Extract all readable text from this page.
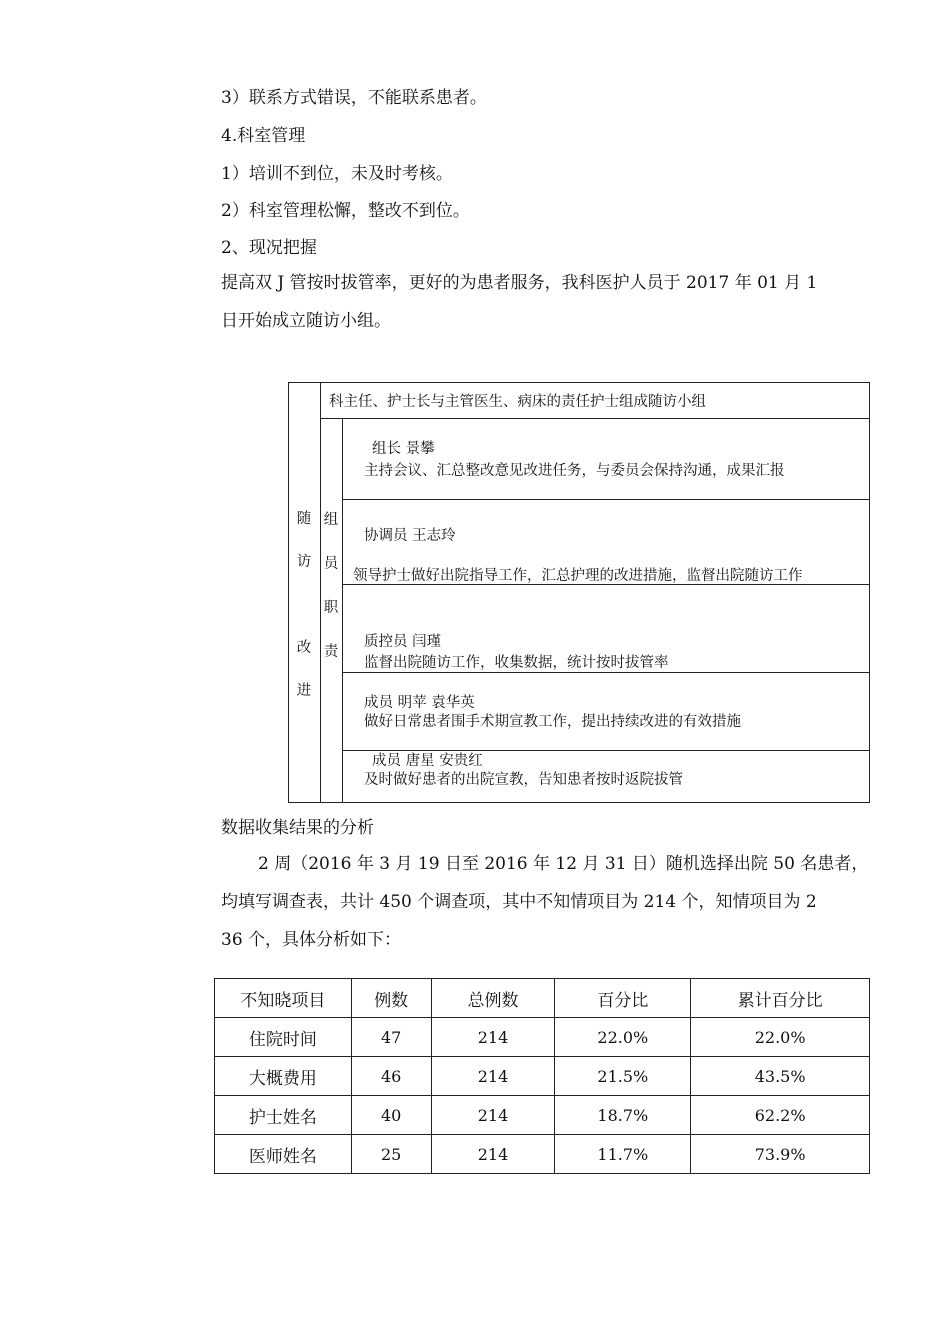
3）联系方式错误，不能联系患者。
4.科室管理
1）培训不到位，未及时考核。
2）科室管理松懈，整改不到位。
2、现况把握
提高双 J 管按时拔管率，更好的为患者服务，我科医护人员于 2017 年 01 月 1
日开始成立随访小组。
随
访

改
进
组
员
职
责
科主任、护士长与主管医生、病床的责任护士组成随访小组
组长 景攀
主持会议、汇总整改意见改进任务，与委员会保持沟通，成果汇报
协调员 王志玲
领导护士做好出院指导工作，汇总护理的改进措施，监督出院随访工作
质控员 闫瑾
监督出院随访工作，收集数据，统计按时拔管率
成员 明苹 袁华英
做好日常患者围手术期宣教工作，提出持续改进的有效措施
成员 唐星 安贵红
及时做好患者的出院宣教，告知患者按时返院拔管
数据收集结果的分析
2 周（2016 年 3 月 19 日至 2016 年 12 月 31 日）随机选择出院 50 名患者，
均填写调查表，共计 450 个调查项，其中不知情项目为 214 个，知情项目为 2
36 个，具体分析如下：
不知晓项目	例数	总例数	百分比	累计百分比
住院时间	47	214	22.0%	22.0%
大概费用	46	214	21.5%	43.5%
护士姓名	40	214	18.7%	62.2%
医师姓名	25	214	11.7%	73.9%
